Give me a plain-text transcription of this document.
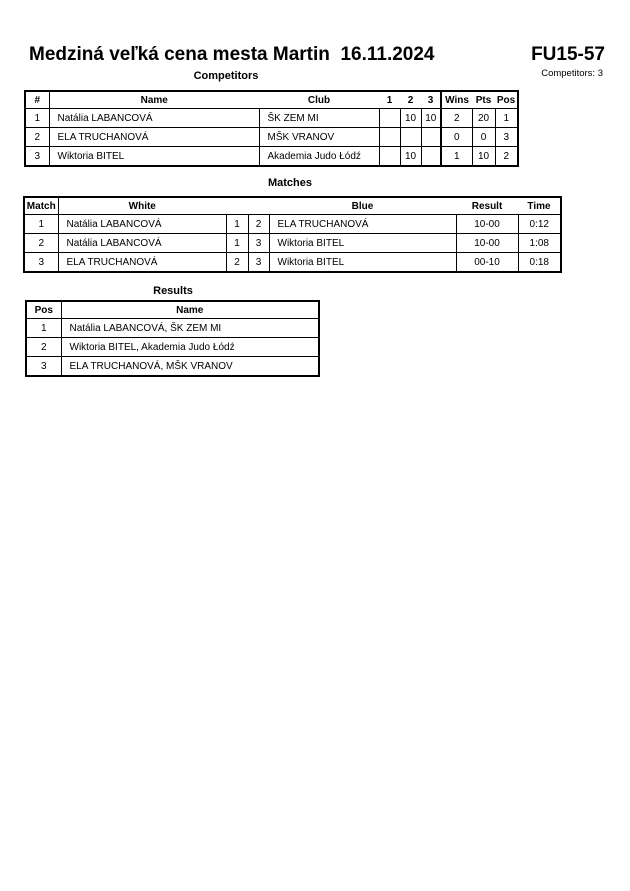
Medziná veľká cena mesta Martin  16.11.2024	FU15-57
Competitors: 3
Competitors
#	Name	Club	1	2	3	Wins	Pts	Pos
1	Natália LABANCOVÁ	ŠK ZEM MI		10	10	2	20	1
2	ELA TRUCHANOVÁ	MŠK VRANOV				0	0	3
3	Wiktoria BITEL	Akademia Judo Łódź		10		1	10	2
Matches
Match	White			Blue	Result	Time
1	Natália LABANCOVÁ	1	2	ELA TRUCHANOVÁ	10-00	0:12
2	Natália LABANCOVÁ	1	3	Wiktoria BITEL	10-00	1:08
3	ELA TRUCHANOVÁ	2	3	Wiktoria BITEL	00-10	0:18
Results
Pos	Name
1	Natália LABANCOVÁ, ŠK ZEM MI
2	Wiktoria BITEL, Akademia Judo Łódź
3	ELA TRUCHANOVÁ, MŠK VRANOV
